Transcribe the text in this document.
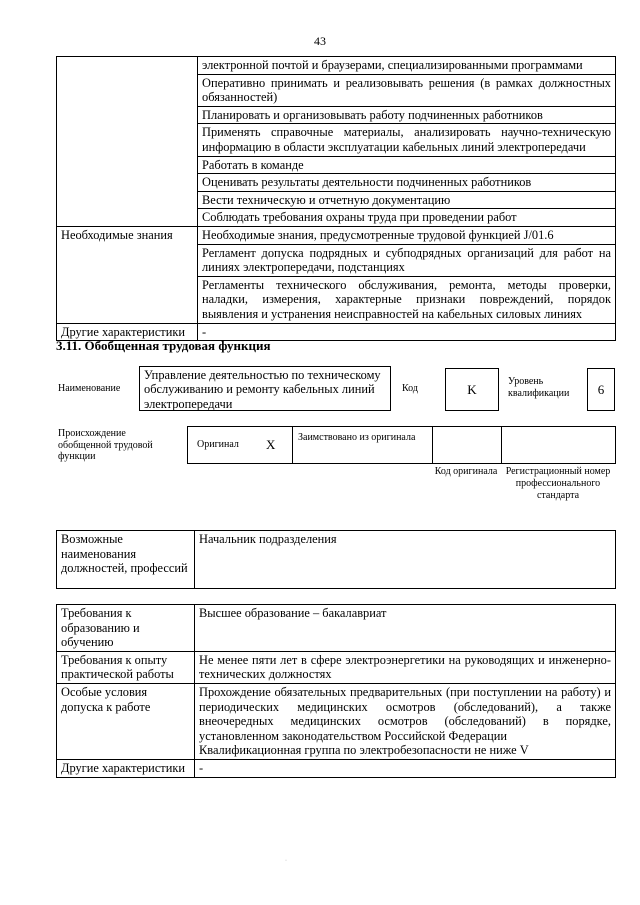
43
	электронной почтой и браузерами, специализированными программами
	Оперативно принимать и реализовывать решения (в рамках должностных обязанностей)
	Планировать и организовывать работу подчиненных работников
	Применять справочные материалы, анализировать научно-техническую информацию в области эксплуатации кабельных линий электропередачи
	Работать в команде
	Оценивать результаты деятельности подчиненных работников
	Вести техническую и отчетную документацию
	Соблюдать требования охраны труда при проведении работ
Необходимые знания	Необходимые знания, предусмотренные трудовой функцией J/01.6
	Регламент допуска подрядных и субподрядных организаций для работ на линиях электропередачи, подстанциях
	Регламенты технического обслуживания, ремонта, методы проверки, наладки, измерения, характерные признаки повреждений, порядок выявления и устранения неисправностей на кабельных силовых линиях
Другие характеристики	-
3.11. Обобщенная трудовая функция
Наименование
Управление деятельностью по техническому обслуживанию и ремонту кабельных линий электропередачи
Код	K
Уровень квалификации	6
Происхождение обобщенной трудовой функции
Оригинал X Заимствовано из оригинала
Код оригинала Регистрационный номер профессионального стандарта
Возможные наименования должностей, профессий	Начальник подразделения
Требования к образованию и обучению	Высшее образование – бакалавриат
Требования к опыту практической работы	Не менее пяти лет в сфере электроэнергетики на руководящих и инженерно-технических должностях
Особые условия допуска к работе	Прохождение обязательных предварительных (при поступлении на работу) и периодических медицинских осмотров (обследований), а также внеочередных медицинских осмотров (обследований) в порядке, установленном законодательством Российской Федерации
Квалификационная группа по электробезопасности не ниже V

Другие характеристики	-
·
